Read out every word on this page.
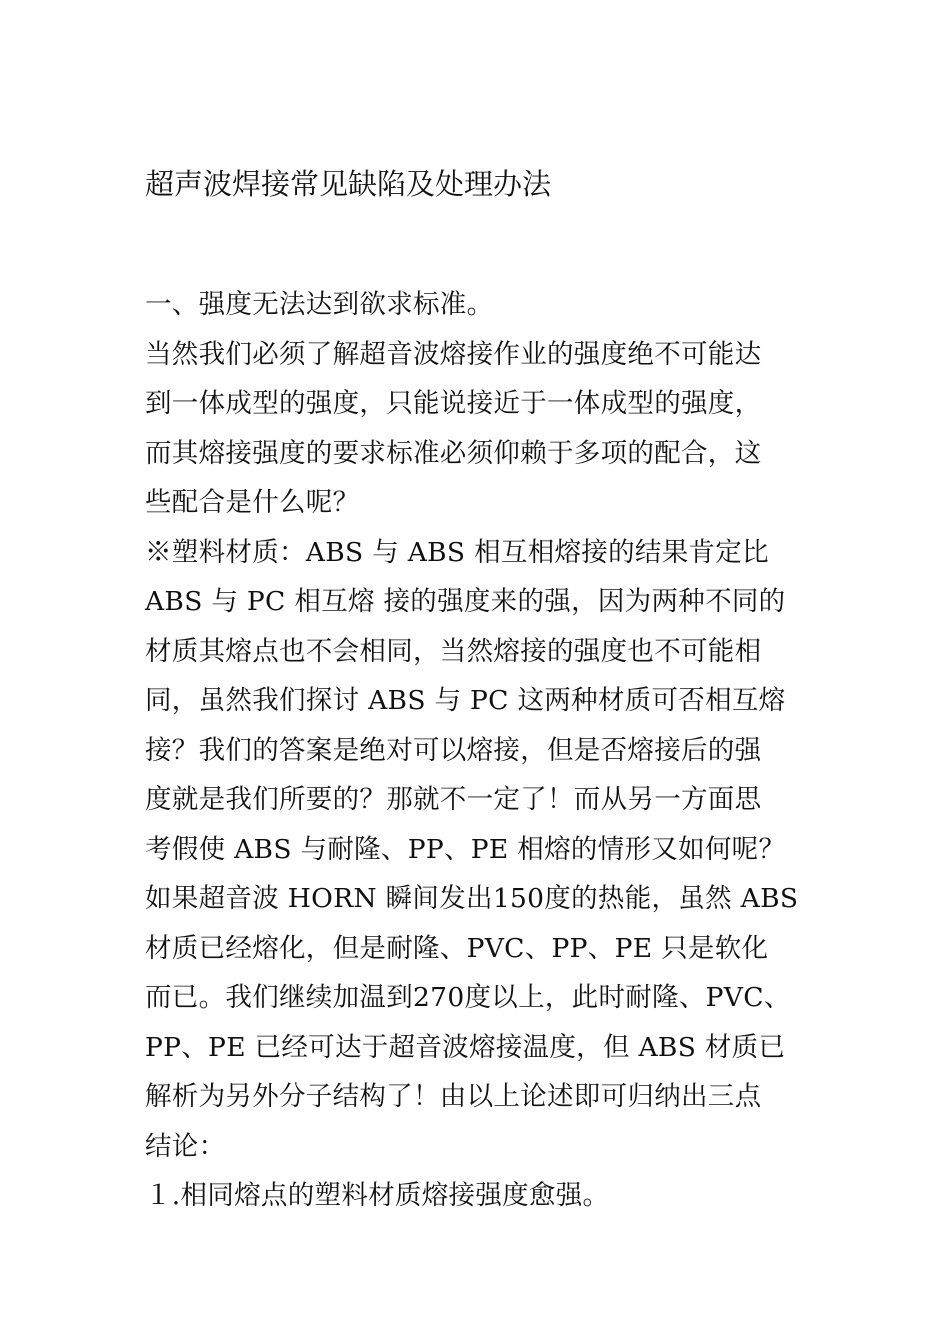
超声波焊接常见缺陷及处理办法
一、强度无法达到欲求标准。
当然我们必须了解超音波熔接作业的强度绝不可能达
到一体成型的强度，只能说接近于一体成型的强度，
而其熔接强度的要求标准必须仰赖于多项的配合，这
些配合是什么呢？
※塑料材质：ABS 与 ABS 相互相熔接的结果肯定比
ABS 与 PC 相互熔 接的强度来的强，因为两种不同的
材质其熔点也不会相同，当然熔接的强度也不可能相
同，虽然我们探讨 ABS 与 PC 这两种材质可否相互熔
接？我们的答案是绝对可以熔接，但是否熔接后的强
度就是我们所要的？那就不一定了！而从另一方面思
考假使 ABS 与耐隆、PP、PE 相熔的情形又如何呢？
如果超音波 HORN 瞬间发出150度的热能，虽然 ABS
材质已经熔化，但是耐隆、PVC、PP、PE 只是软化
而已。我们继续加温到270度以上，此时耐隆、PVC、
PP、PE 已经可达于超音波熔接温度，但 ABS 材质已
解析为另外分子结构了！由以上论述即可归纳出三点
结论：
１.相同熔点的塑料材质熔接强度愈强。
